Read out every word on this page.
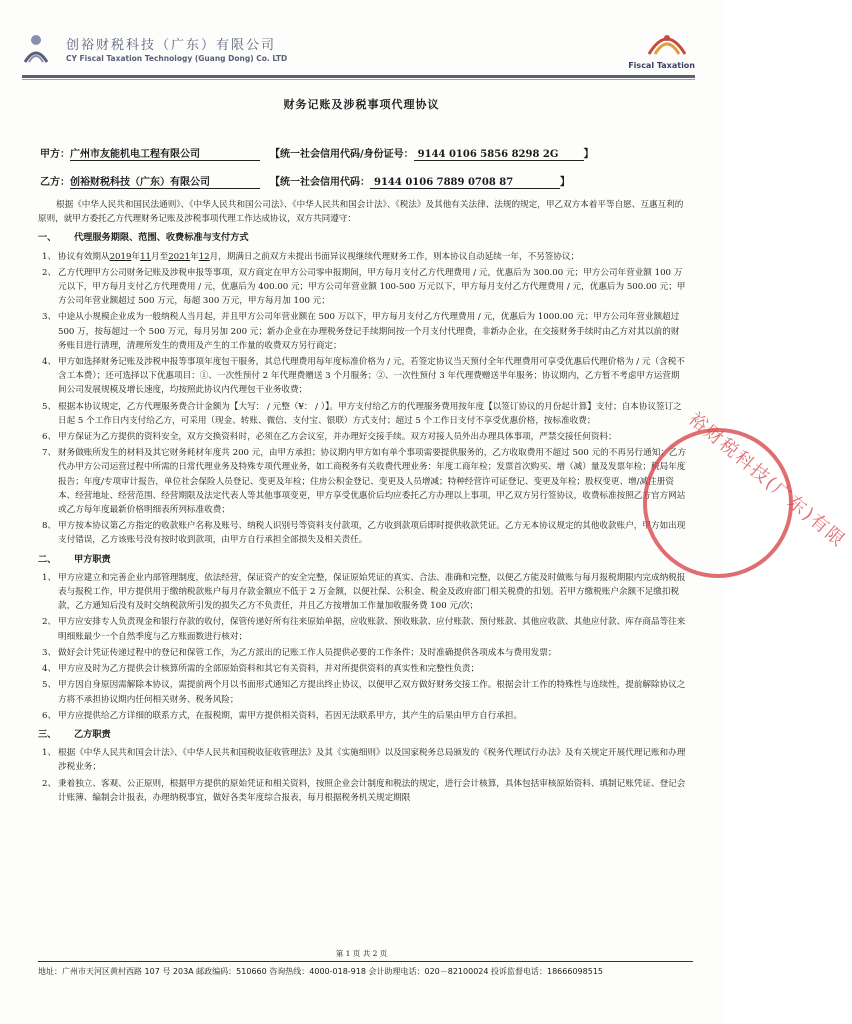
创裕财税科技（广东）有限公司
CY Fiscal Taxation Technology (Guang Dong) Co. LTD
Fiscal Taxation
财务记账及涉税事项代理协议
甲方：广州市友能机电工程有限公司	【统一社会信用代码/身份证号： 9144 0106 5856 8298 2G	】
乙方：创裕财税科技（广东）有限公司	【统一社会信用代码： 9144 0106 7889 0708 87	】

根据《中华人民共和国民法通则》、《中华人民共和国公司法》、《中华人民共和国会计法》、《税法》及其他有关法律、法规的规定，甲乙双方本着平等自愿、互惠互利的原则，就甲方委托乙方代理财务记账及涉税事项代理工作达成协议，双方共同遵守：

一、 代理服务期限、范围、收费标准与支付方式
1、 协议有效期从2019年11月至2021年12月，期满日之前双方未提出书面异议视继续代理财务工作，则本协议自动延续一年，不另签协议；
2、 乙方代理甲方公司财务记账及涉税申报等事项，双方商定在甲方公司零申报期间，甲方每月支付乙方代理费用 / 元，优惠后为 300.00 元；甲方公司年营业额 100 万元以下，甲方每月支付乙方代理费用 / 元，优惠后为 400.00 元；甲方公司年营业额 100-500 万元以下，甲方每月支付乙方代理费用 / 元，优惠后为 500.00 元；甲方公司年营业额超过 500 万元，每超 300 万元，甲方每月加 100 元；
3、 中途从小规模企业成为一般纳税人当月起，并且甲方公司年营业额在 500 万以下，甲方每月支付乙方代理费用 / 元，优惠后为 1000.00 元；甲方公司年营业额超过 500 万，按每超过一个 500 万元，每月另加 200 元；新办企业在办理税务登记手续期间按一个月支付代理费，非新办企业，在交接财务手续时由乙方对其以前的财务账目进行清理，清理所发生的费用及产生的工作量的收费双方另行商定；
4、 甲方如选择财务记账及涉税申报等事项年度包干服务，其总代理费用每年度标准价格为 / 元，若签定协议当天预付全年代理费用可享受优惠后代理价格为 / 元（含税不含工本费）；还可选择以下优惠项目：①、一次性预付 2 年代理费赠送 3 个月服务；②、一次性预付 3 年代理费赠送半年服务；协议期内，乙方暂不考虑甲方运营期间公司发展规模及增长速度，均按照此协议内代理包干业务收费；
5、 根据本协议规定，乙方代理服务费合计金额为【大写： / 元整（¥： / ）】。甲方支付给乙方的代理服务费用按年度【以签订协议的月份起计算】支付；自本协议签订之日起 5 个工作日内支付给乙方，可采用（现金、转账、微信、支付宝、银联）方式支付；超过 5 个工作日支付不享受优惠价格，按标准收费；
6、 甲方保证为乙方提供的资料安全，双方交换资料时，必须在乙方会议室，并办理好交接手续。双方对接人员外出办理具体事项，严禁交接任何资料；
7、 财务做账所发生的材料及其它财务耗材年度共 200 元，由甲方承担；协议期内甲方如有单个事项需要提供服务的，乙方收取费用不超过 500 元的不再另行通知；乙方代办甲方公司运营过程中所需的日常代理业务及特殊专项代理业务，如工商税务有关收费代理业务：年度工商年检；发票首次购买、增（减）量及发票年检；税局年度报告；年度/专项审计报告，单位社会保险人员登记、变更及年检；住房公积金登记、变更及人员增减；特种经营许可证登记、变更及年检；股权变更、增/减注册资本、经营地址、经营范围、经营期限及法定代表人等其他事项变更，甲方享受优惠价后均应委托乙方办理以上事项，甲乙双方另行签协议，收费标准按照乙方官方网站或乙方每年度最新价格明细表所列标准收费；
8、 甲方按本协议第乙方指定的收款账户名称及账号、纳税人识别号等资料支付款项，乙方收到款项后即时提供收款凭证。乙方无本协议规定的其他收款账户，甲方如出现支付错误，乙方该账号没有按时收到款项，由甲方自行承担全部损失及相关责任。
二、 甲方职责
1、 甲方应建立和完善企业内部管理制度，依法经营，保证资产的安全完整，保证原始凭证的真实、合法、准确和完整，以便乙方能及时做账与每月报税期限内完成纳税报表与报税工作，甲方提供用于缴纳税款账户每月存款金额应不低于 2 万金额，以便社保、公积金、税金及政府部门相关税费的扣划。若甲方缴税账户余额不足缴扣税款，乙方通知后没有及时交纳税款所引发的损失乙方不负责任，并且乙方按增加工作量加收服务费 100 元/次；
2、 甲方应安排专人负责现金和银行存款的收付，保管传递好所有往来原始单据，应收账款、预收账款、应付账款、预付账款、其他应收款、其他应付款、库存商品等往来明细账最少一个自然季度与乙方账面数进行核对；
3、 做好会计凭证传递过程中的登记和保管工作，为乙方派出的记账工作人员提供必要的工作条件；及时准确提供各项成本与费用发票；
4、 甲方应及时为乙方提供会计核算所需的全部原始资料和其它有关资料，并对所提供资料的真实性和完整性负责；
5、 甲方因自身原因需解除本协议，需提前两个月以书面形式通知乙方提出终止协议，以便甲乙双方做好财务交接工作。根据会计工作的特殊性与连续性，提前解除协议之方将不承担协议期内任何相关财务、税务风险；
6、 甲方应提供给乙方详细的联系方式，在报税期，需甲方提供相关资料，若因无法联系甲方，其产生的后果由甲方自行承担。
三、 乙方职责
1、 根据《中华人民共和国会计法》、《中华人民共和国税收征收管理法》及其《实施细则》以及国家税务总局颁发的《税务代理试行办法》及有关规定开展代理记账和办理涉税业务；
2、 秉着独立、客观、公正原则，根据甲方提供的原始凭证和相关资料，按照企业会计制度和税法的规定，进行会计核算，具体包括审核原始资料、填制记账凭证、登记会计账簿、编制会计报表，办理纳税事宜，做好各类年度综合报表，每月根据税务机关规定期限
裕财税科技(广东)有限
第 1 页 共 2 页
地址：广州市天河区黄村西路 107 号 203A 邮政编码：510660 咨询热线：4000-018-918 会计助理电话：020－82100024 投诉监督电话：18666098515
